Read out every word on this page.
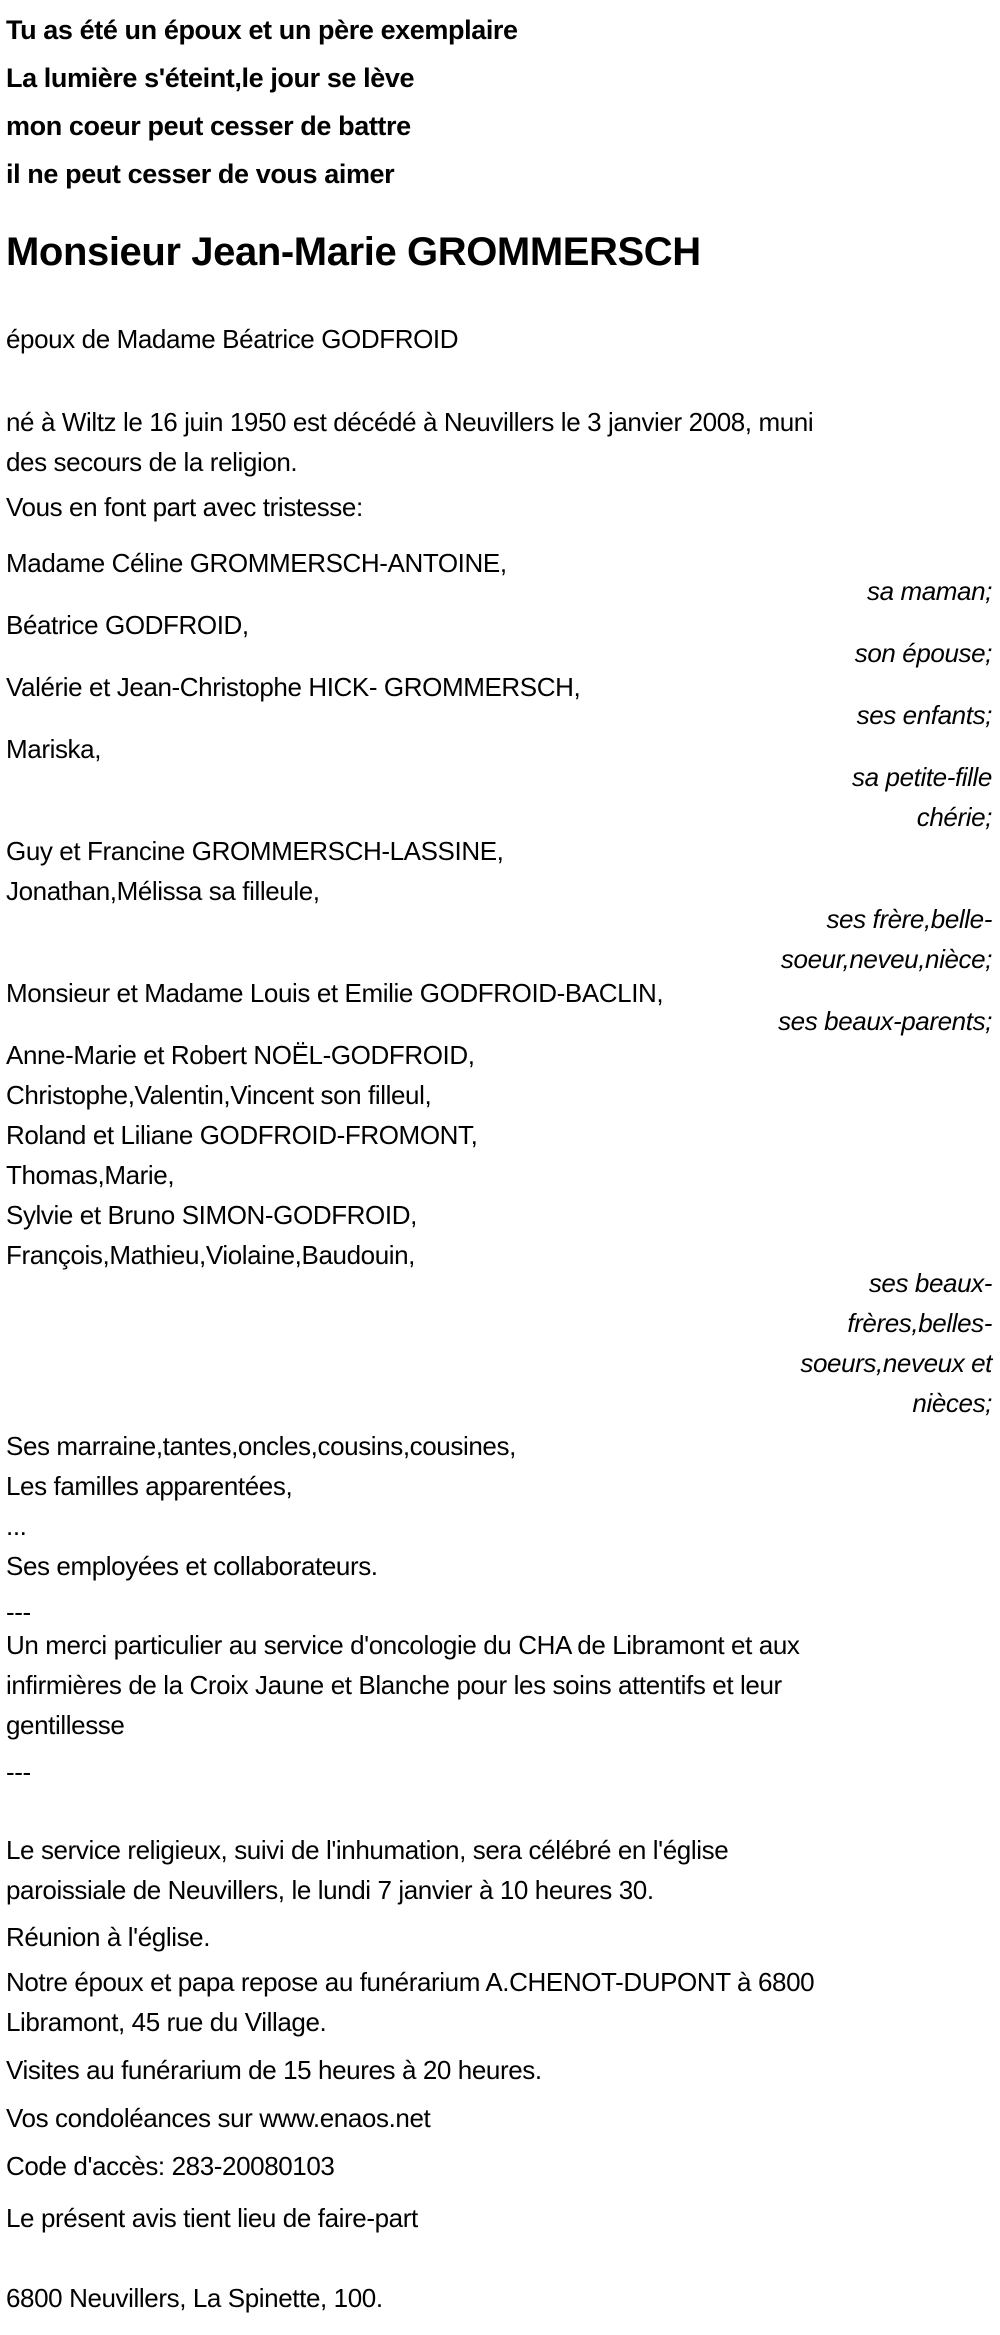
Tu as été un époux et un père exemplaire
La lumière s'éteint,le jour se lève
mon coeur peut cesser de battre
il ne peut cesser de vous aimer
Monsieur Jean-Marie GROMMERSCH
époux de Madame Béatrice GODFROID
né à Wiltz le 16 juin 1950 est décédé à Neuvillers le 3 janvier 2008, muni
des secours de la religion.
Vous en font part avec tristesse:
Madame Céline GROMMERSCH-ANTOINE,
sa maman;
Béatrice GODFROID,
son épouse;
Valérie et Jean-Christophe HICK- GROMMERSCH,
ses enfants;
Mariska,
sa petite-fille
chérie;
Guy et Francine GROMMERSCH-LASSINE,
Jonathan,Mélissa sa filleule,
ses frère,belle-
soeur,neveu,nièce;
Monsieur et Madame Louis et Emilie GODFROID-BACLIN,
ses beaux-parents;
Anne-Marie et Robert NOËL-GODFROID,
Christophe,Valentin,Vincent son filleul,
Roland et Liliane GODFROID-FROMONT,
Thomas,Marie,
Sylvie et Bruno SIMON-GODFROID,
François,Mathieu,Violaine,Baudouin,
ses beaux-
frères,belles-
soeurs,neveux et
nièces;
Ses marraine,tantes,oncles,cousins,cousines,
Les familles apparentées,
...
Ses employées et collaborateurs.
---
Un merci particulier au service d'oncologie du CHA de Libramont et aux
infirmières de la Croix Jaune et Blanche pour les soins attentifs et leur
gentillesse
---
Le service religieux, suivi de l'inhumation, sera célébré en l'église
paroissiale de Neuvillers, le lundi 7 janvier à 10 heures 30.
Réunion à l'église.
Notre époux et papa repose au funérarium A.CHENOT-DUPONT à 6800
Libramont, 45 rue du Village.
Visites au funérarium de 15 heures à 20 heures.
Vos condoléances sur www.enaos.net
Code d'accès: 283-20080103
Le présent avis tient lieu de faire-part
6800 Neuvillers, La Spinette, 100.
